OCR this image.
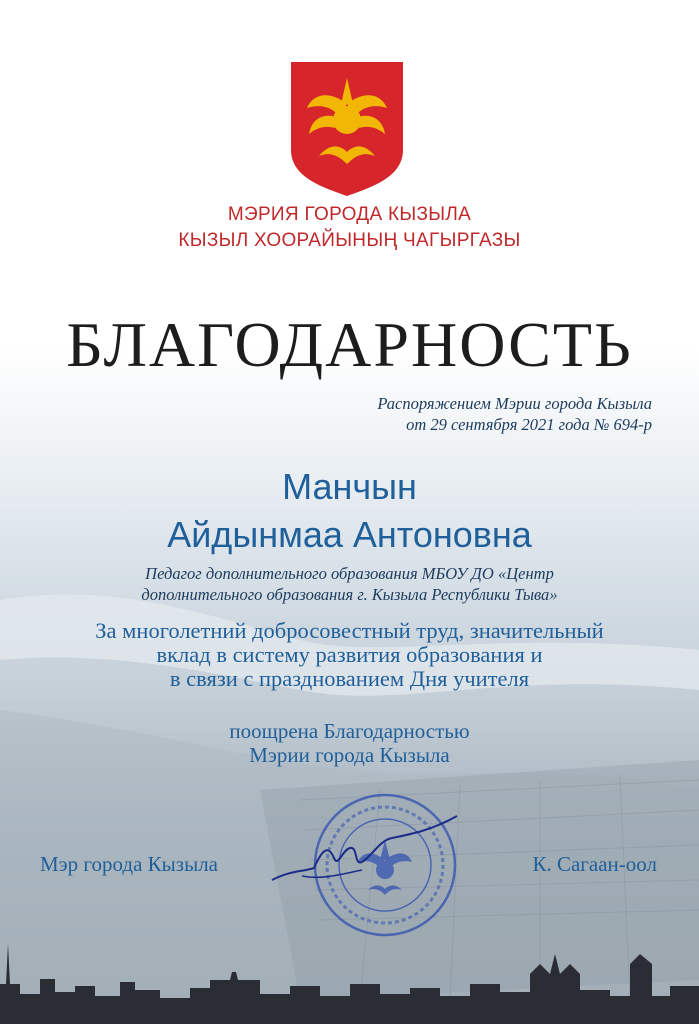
МЭРИЯ ГОРОДА КЫЗЫЛА
КЫЗЫЛ ХООРАЙЫНЫҢ ЧАГЫРГАЗЫ
БЛАГОДАРНОСТЬ
Распоряжением Мэрии города Кызыла
от 29 сентября 2021 года № 694-р
Манчын
Айдынмаа Антоновна
Педагог дополнительного образования МБОУ ДО «Центр
дополнительного образования г. Кызыла Республики Тыва»
За многолетний добросовестный труд, значительный
вклад в систему развития образования и
в связи с празднованием Дня учителя
поощрена Благодарностью
Мэрии города Кызыла
Мэр города Кызыла	К. Сагаан-оол
